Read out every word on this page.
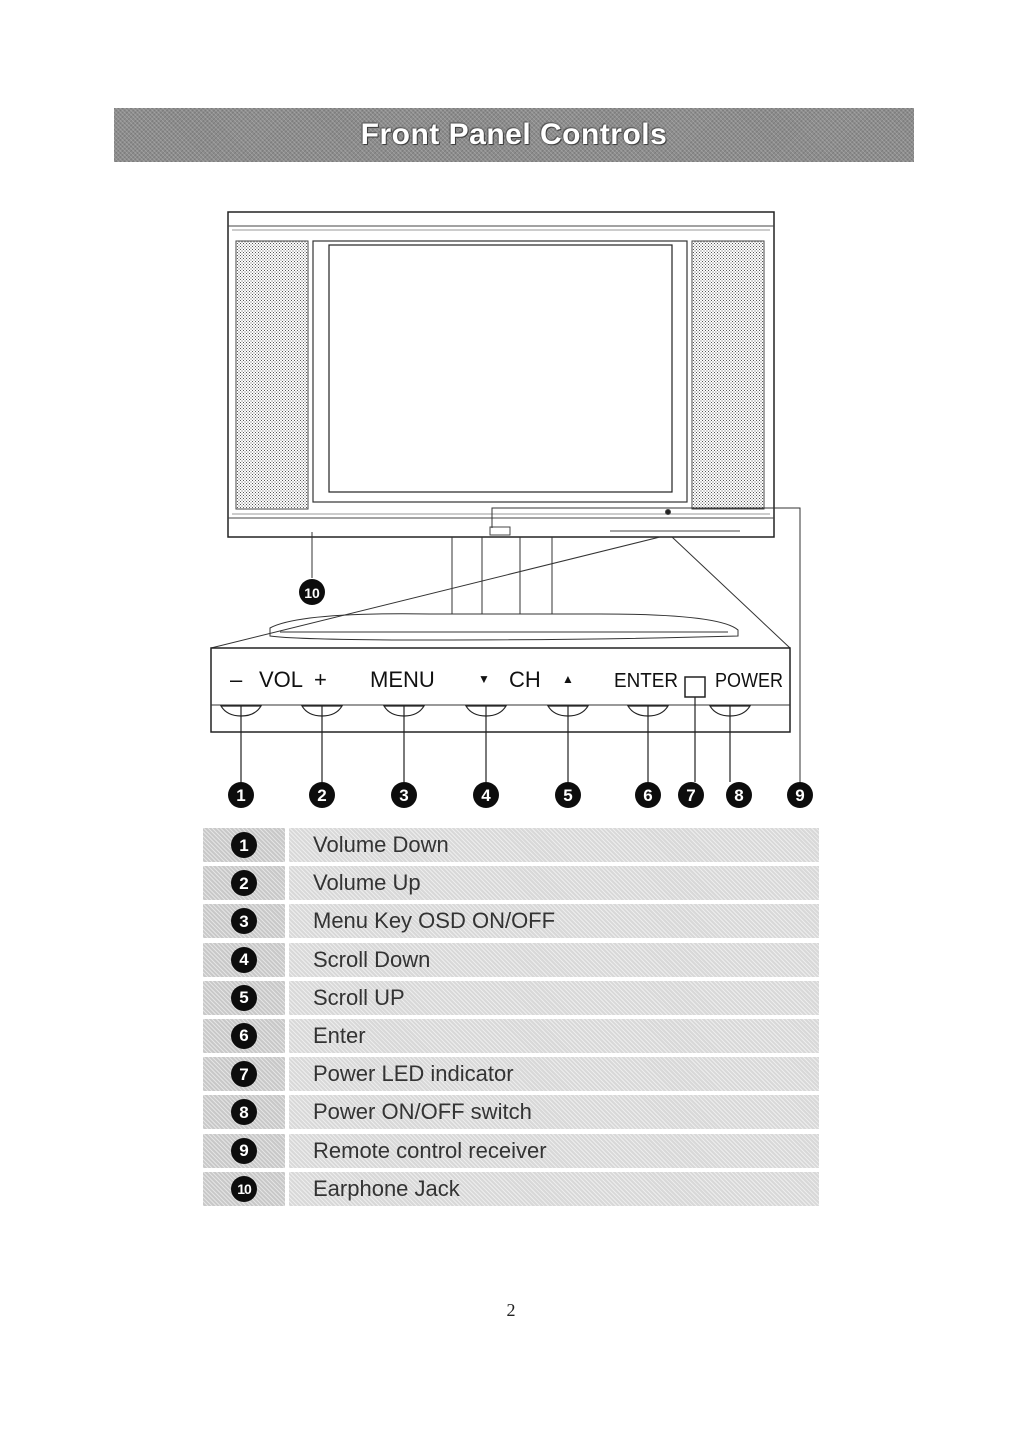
Front Panel Controls
– VOL + MENU	▼ CH ▲ ENTER POWER
1	2	3	4	5	6 7 8	9
10
1	Volume Down
2	Volume Up
3	Menu Key OSD ON/OFF
4	Scroll Down
5	Scroll UP
6	Enter
7	Power LED indicator
8	Power ON/OFF switch
9	Remote control receiver
10	Earphone Jack
2
